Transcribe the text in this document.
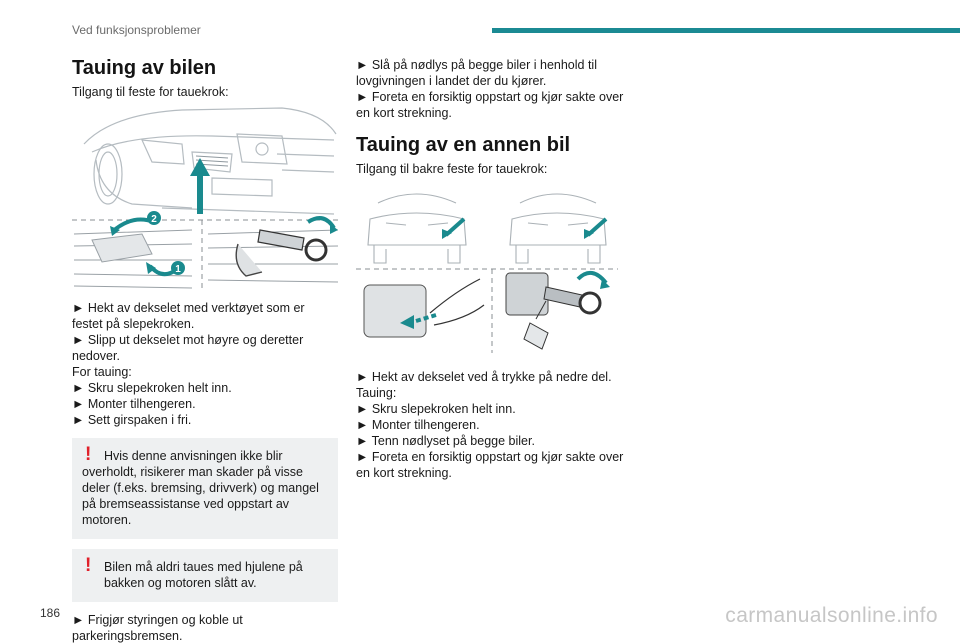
Ved funksjonsproblemer
Tauing av bilen

Tilgang til feste for tauekrok:

2
1

► Hekt av dekselet med verktøyet som er festet på slepekroken.

► Slipp ut dekselet mot høyre og deretter nedover.

For tauing:

► Skru slepekroken helt inn.

► Monter tilhengeren.

► Sett girspaken i fri.

!	Hvis denne anvisningen ikke blir overholdt, risikerer man skader på visse deler (f.eks. bremsing, drivverk) og mangel på bremseassistanse ved oppstart av motoren.
!	Bilen må aldri taues med hjulene på bakken og motoren slått av.

► Frigjør styringen og koble ut parkeringsbremsen.

► Slå på nødlys på begge biler i henhold til lovgivningen i landet der du kjører.

► Foreta en forsiktig oppstart og kjør sakte over en kort strekning.

Tauing av en annen bil

Tilgang til bakre feste for tauekrok:

► Hekt av dekselet ved å trykke på nedre del.

Tauing:

► Skru slepekroken helt inn.

► Monter tilhengeren.

► Tenn nødlyset på begge biler.

► Foreta en forsiktig oppstart og kjør sakte over en kort strekning.

186	carmanualsonline.info
